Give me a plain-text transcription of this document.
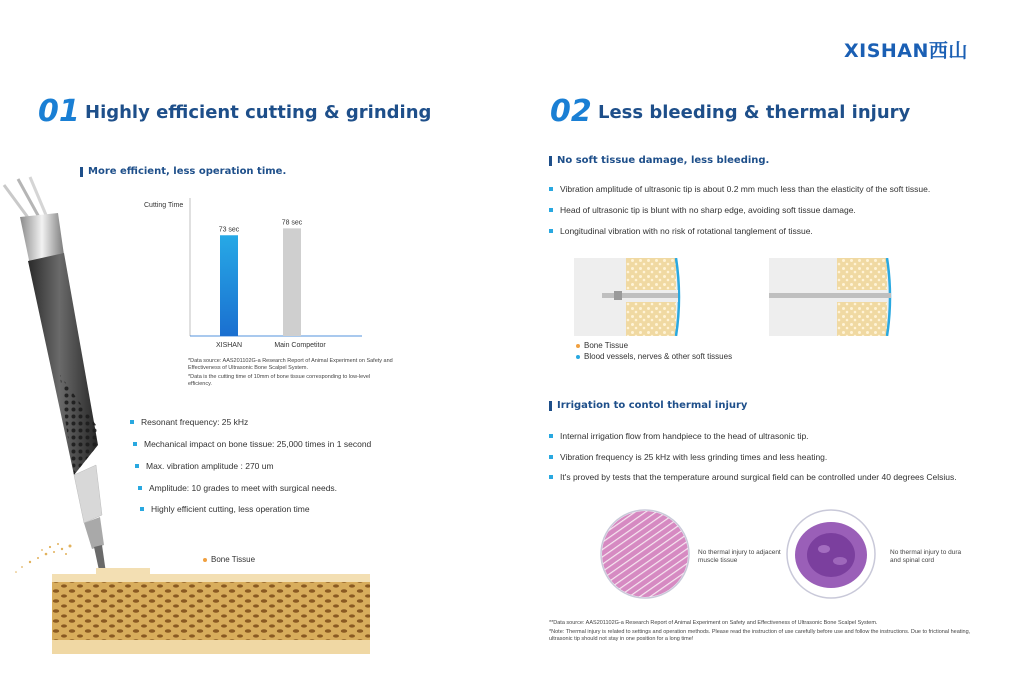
XISHAN西山
01 Highly efficient cutting & grinding
More efficient, less operation time.
Cutting Time
73 sec
XISHAN
78 sec
Main Competitor
*Data source: AAS201102G-a Research Report of Animal Experiment on Safety and Effectiveness of Ultrasonic Bone Scalpel System.
*Data is the cutting time of 10mm of bone tissue corresponding to low-level efficiency.
Resonant frequency: 25 kHz
Mechanical impact on bone tissue: 25,000 times in 1 second
Max. vibration amplitude : 270 um
Amplitude: 10 grades to meet with surgical needs.
Highly efficient cutting, less operation time
Bone Tissue
02 Less bleeding & thermal injury
No soft tissue damage, less bleeding.
Vibration amplitude of ultrasonic tip is about 0.2 mm much less than the elasticity of the soft tissue.
Head of ultrasonic tip is blunt with no sharp edge, avoiding soft tissue damage.
Longitudinal vibration with no risk of rotational tanglement of tissue.
Bone Tissue
Blood vessels, nerves & other soft tissues
Irrigation to contol thermal injury
Internal irrigation flow from handpiece to the head of ultrasonic tip.
Vibration frequency is 25 kHz with less grinding times and less heating.
It's proved by tests that the temperature around surgical field can be controlled under 40 degrees Celsius.
No thermal injury to adjacent muscle tissue
No thermal injury to dura and spinal cord
**Data source: AAS201102G-a Research Report of Animal Experiment on Safety and Effectiveness of Ultrasonic Bone Scalpel System.
*Note: Thermal injury is related to settings and operation methods. Please read the instruction of use carefully before use and follow the instructions. Due to frictional heating, ultrasonic tip should not stay in one position for a long time!
